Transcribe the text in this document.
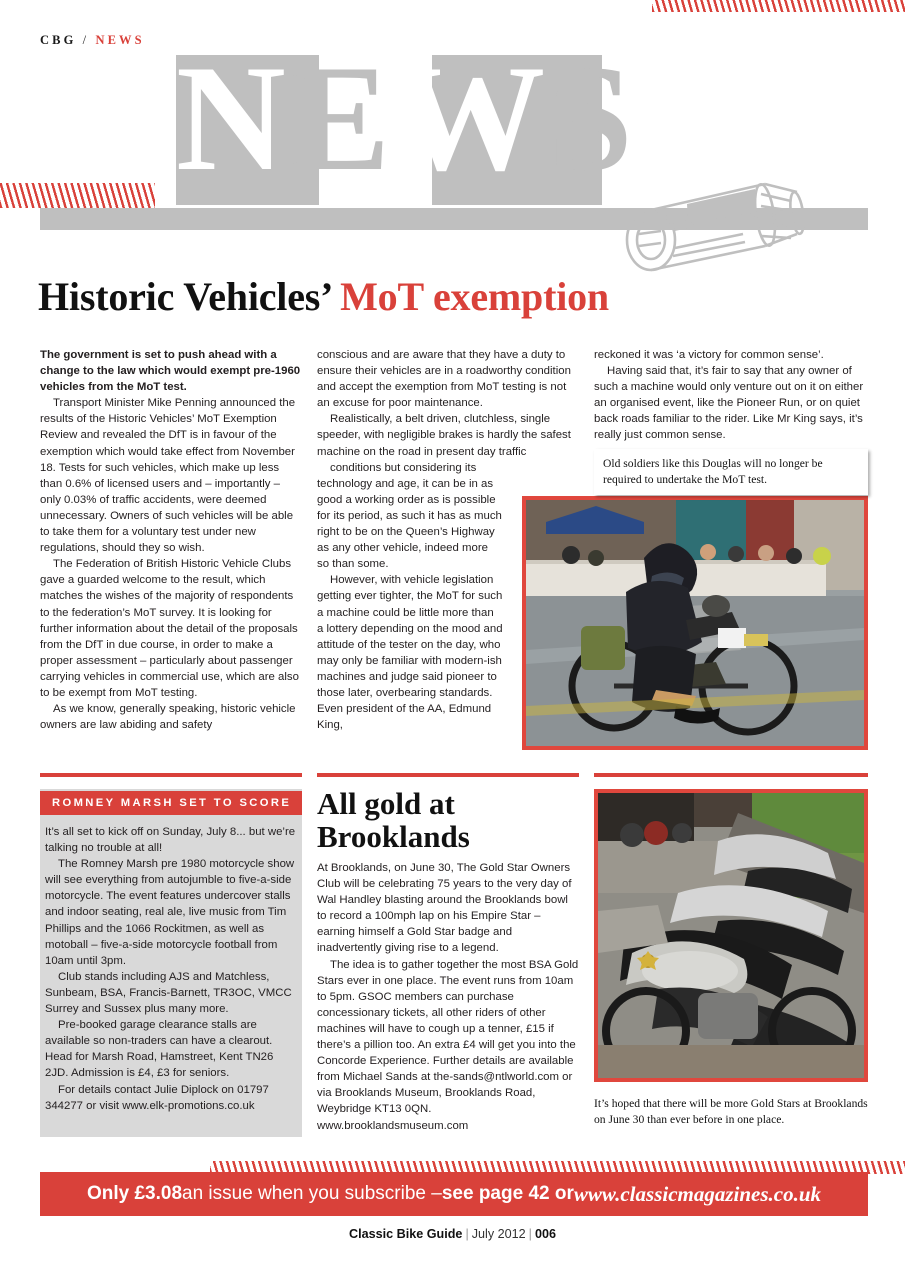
CBG / NEWS NEWS
Historic Vehicles’ MoT exemption

The government is set to push ahead with a change to the law which would exempt pre-1960 vehicles from the MoT test.

Transport Minister Mike Penning announced the results of the Historic Vehicles’ MoT Exemption Review and revealed the DfT is in favour of the exemption which would take effect from November 18. Tests for such vehicles, which make up less than 0.6% of licensed users and – importantly – only 0.03% of traffic accidents, were deemed unnecessary. Owners of such vehicles will be able to take them for a voluntary test under new regulations, should they so wish.

The Federation of British Historic Vehicle Clubs gave a guarded welcome to the result, which matches the wishes of the majority of respondents to the federation’s MoT survey. It is looking for further information about the detail of the proposals from the DfT in due course, in order to make a proper assessment – particularly about passenger carrying vehicles in commercial use, which are also to be exempt from MoT testing.

As we know, generally speaking, historic vehicle owners are law abiding and safety

conscious and are aware that they have a duty to ensure their vehicles are in a roadworthy condition and accept the exemption from MoT testing is not an excuse for poor maintenance.

Realistically, a belt driven, clutchless, single speeder, with negligible brakes is hardly the safest machine on the road in present day traffic

conditions but considering its technology and age, it can be in as good a working order as is possible for its period, as such it has as much right to be on the Queen’s Highway as any other vehicle, indeed more so than some.

However, with vehicle legislation getting ever tighter, the MoT for such a machine could be little more than a lottery depending on the mood and attitude of the tester on the day, who may only be familiar with modern-ish machines and judge said pioneer to those later, overbearing standards. Even president of the AA, Edmund King,

reckoned it was ‘a victory for common sense’.

Having said that, it’s fair to say that any owner of such a machine would only venture out on it on either an organised event, like the Pioneer Run, or on quiet back roads familiar to the rider. Like Mr King says, it’s really just common sense.

Old soldiers like this Douglas will no longer be required to undertake the MoT test.
ROMNEY MARSH SET TO SCORE

It’s all set to kick off on Sunday, July 8... but we’re talking no trouble at all!

The Romney Marsh pre 1980 motorcycle show will see everything from autojumble to five-a-side motorcycle. The event features undercover stalls and indoor seating, real ale, live music from Tim Phillips and the 1066 Rockitmen, as well as motoball – five-a-side motorcycle football from 10am until 3pm.

Club stands including AJS and Matchless, Sunbeam, BSA, Francis-Barnett, TR3OC, VMCC Surrey and Sussex plus many more.

Pre-booked garage clearance stalls are available so non-traders can have a clearout. Head for Marsh Road, Hamstreet, Kent TN26 2JD. Admission is £4, £3 for seniors.

For details contact Julie Diplock on 01797 344277 or visit www.elk-promotions.co.uk

All gold at
Brooklands

At Brooklands, on June 30, The Gold Star Owners Club will be celebrating 75 years to the very day of Wal Handley blasting around the Brooklands bowl to record a 100mph lap on his Empire Star – earning himself a Gold Star badge and inadvertently giving rise to a legend.

The idea is to gather together the most BSA Gold Stars ever in one place. The event runs from 10am to 5pm. GSOC members can purchase concessionary tickets, all other riders of other machines will have to cough up a tenner, £15 if there’s a pillion too. An extra £4 will get you into the Concorde Experience. Further details are available from Michael Sands at the-sands@ntlworld.com or via Brooklands Museum, Brooklands Road, Weybridge KT13 0QN. www.brooklandsmuseum.com

It’s hoped that there will be more Gold Stars at Brooklands on June 30 than ever before in one place.
Only £3.08 an issue when you subscribe – see page 42 or www.classicmagazines.co.uk
Classic Bike Guide | July 2012 | 006
